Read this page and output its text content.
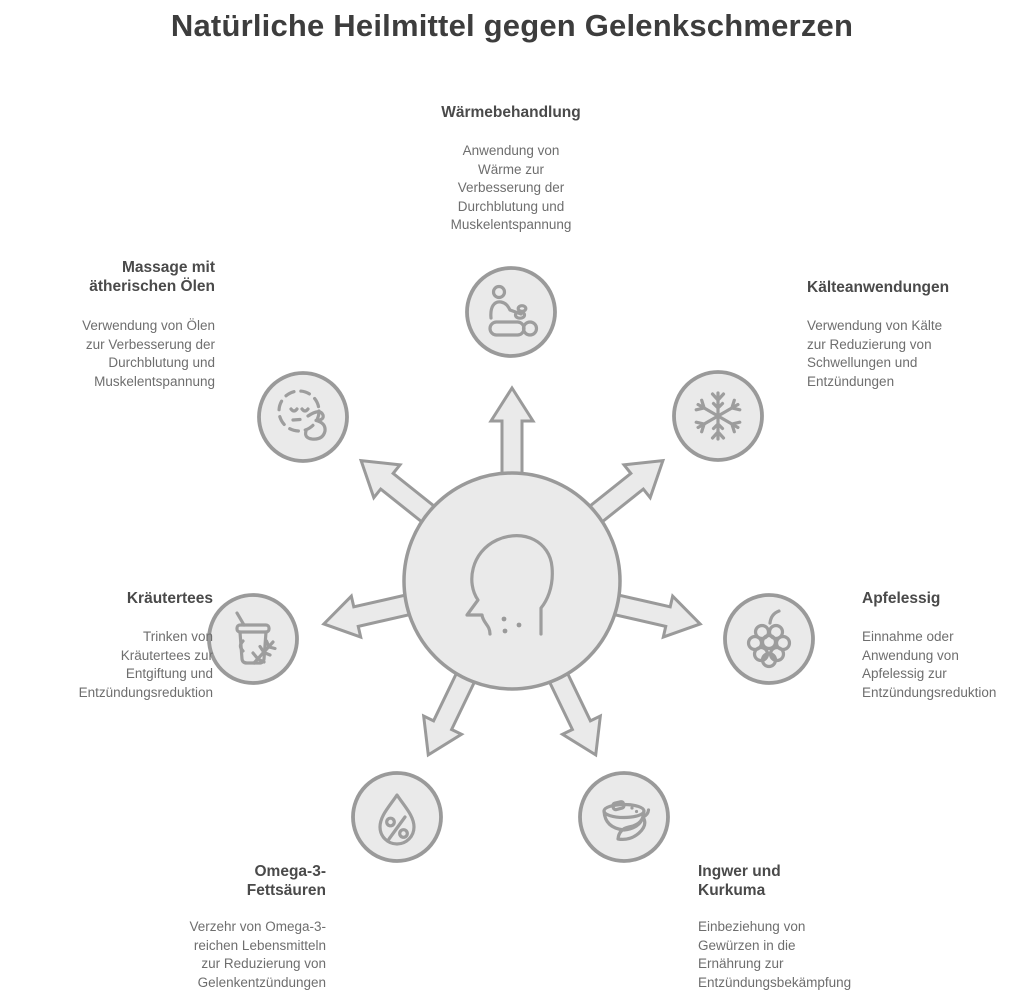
Natürliche Heilmittel gegen Gelenkschmerzen
Wärmebehandlung
Anwendung von Wärme zur Verbesserung der Durchblutung und Muskelentspannung
Kälteanwendungen
Verwendung von Kälte zur Reduzierung von Schwellungen und Entzündungen
Apfelessig
Einnahme oder Anwendung von Apfelessig zur Entzündungsreduktion
Ingwer und Kurkuma
Einbeziehung von Gewürzen in die Ernährung zur Entzündungsbekämpfung
Omega-3-Fettsäuren
Verzehr von Omega-3-reichen Lebensmitteln zur Reduzierung von Gelenkentzündungen
Kräutertees
Trinken von Kräutertees zur Entgiftung und Entzündungsreduktion
Massage mit ätherischen Ölen
Verwendung von Ölen zur Verbesserung der Durchblutung und Muskelentspannung
